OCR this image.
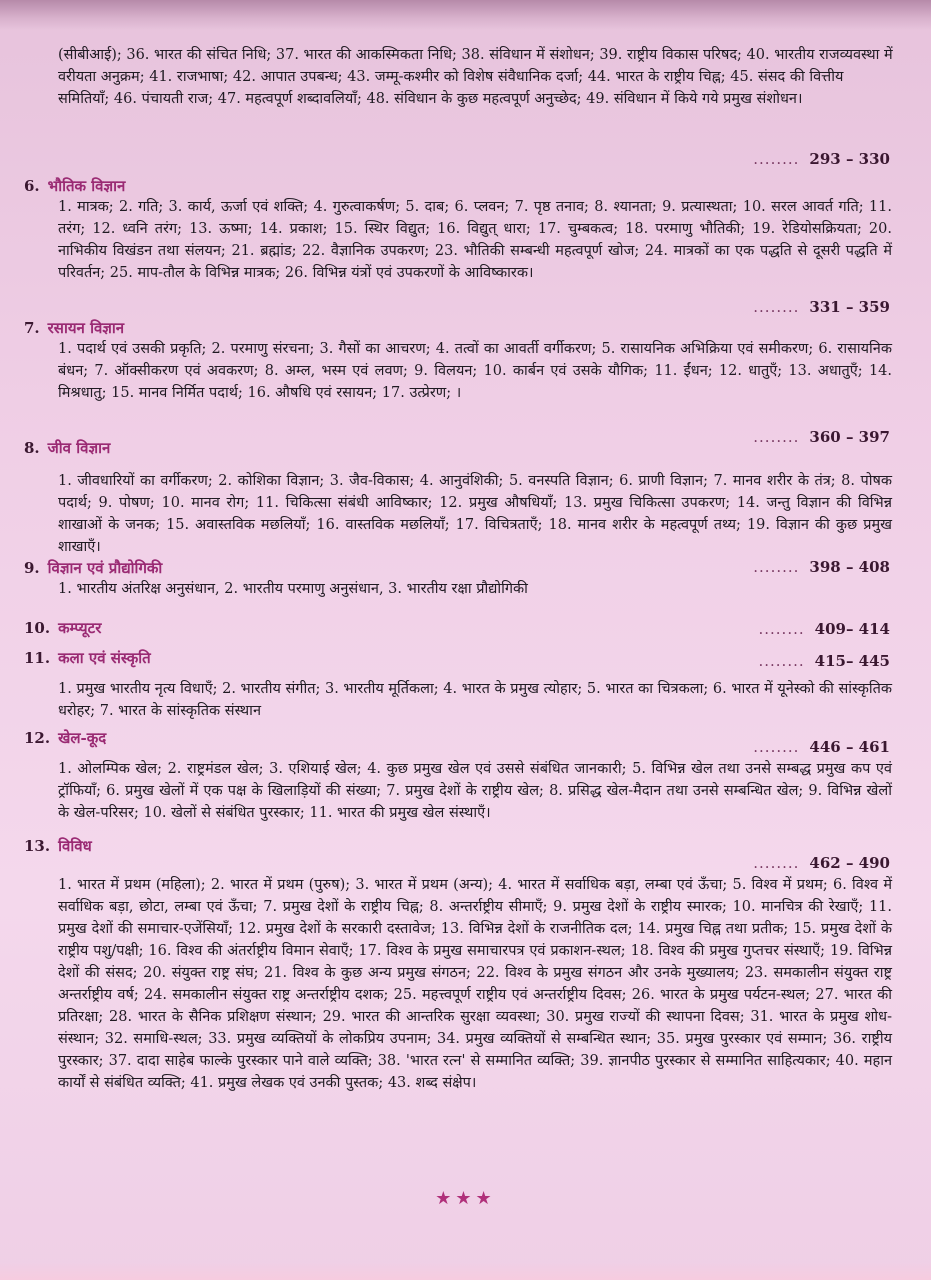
(सीबीआई); 36. भारत की संचित निधि; 37. भारत की आकस्मिकता निधि; 38. संविधान में संशोधन; 39. राष्ट्रीय विकास परिषद; 40. भारतीय राजव्यवस्था में वरीयता अनुक्रम; 41. राजभाषा; 42. आपात उपबन्ध; 43. जम्मू-कश्मीर को विशेष संवैधानिक दर्जा; 44. भारत के राष्ट्रीय चिह्न; 45. संसद की वित्तीय समितियाँ; 46. पंचायती राज; 47. महत्वपूर्ण शब्दावलियाँ; 48. संविधान के कुछ महत्वपूर्ण अनुच्छेद; 49. संविधान में किये गये प्रमुख संशोधन।
........ 293 – 330
6. भौतिक विज्ञान
1. मात्रक; 2. गति; 3. कार्य, ऊर्जा एवं शक्ति; 4. गुरुत्वाकर्षण; 5. दाब; 6. प्लवन; 7. पृष्ठ तनाव; 8. श्यानता; 9. प्रत्यास्थता; 10. सरल आवर्त गति; 11. तरंग; 12. ध्वनि तरंग; 13. ऊष्मा; 14. प्रकाश; 15. स्थिर विद्युत; 16. विद्युत् धारा; 17. चुम्बकत्व; 18. परमाणु भौतिकी; 19. रेडियोसक्रियता; 20. नाभिकीय विखंडन तथा संलयन; 21. ब्रह्मांड; 22. वैज्ञानिक उपकरण; 23. भौतिकी सम्बन्धी महत्वपूर्ण खोज; 24. मात्रकों का एक पद्धति से दूसरी पद्धति में परिवर्तन; 25. माप-तौल के विभिन्न मात्रक; 26. विभिन्न यंत्रों एवं उपकरणों के आविष्कारक।
........ 331 – 359
7. रसायन विज्ञान
1. पदार्थ एवं उसकी प्रकृति; 2. परमाणु संरचना; 3. गैसों का आचरण; 4. तत्वों का आवर्ती वर्गीकरण; 5. रासायनिक अभिक्रिया एवं समीकरण; 6. रासायनिक बंधन; 7. ऑक्सीकरण एवं अवकरण; 8. अम्ल, भस्म एवं लवण; 9. विलयन; 10. कार्बन एवं उसके यौगिक; 11. ईंधन; 12. धातुएँ; 13. अधातुएँ; 14. मिश्रधातु; 15. मानव निर्मित पदार्थ; 16. औषधि एवं रसायन; 17. उत्प्रेरण; ।
........ 360 – 397
8. जीव विज्ञान
1. जीवधारियों का वर्गीकरण; 2. कोशिका विज्ञान; 3. जैव-विकास; 4. आनुवंशिकी; 5. वनस्पति विज्ञान; 6. प्राणी विज्ञान; 7. मानव शरीर के तंत्र; 8. पोषक पदार्थ; 9. पोषण; 10. मानव रोग; 11. चिकित्सा संबंधी आविष्कार; 12. प्रमुख औषधियाँ; 13. प्रमुख चिकित्सा उपकरण; 14. जन्तु विज्ञान की विभिन्न शाखाओं के जनक; 15. अवास्तविक मछलियाँ; 16. वास्तविक मछलियाँ; 17. विचित्रताएँ; 18. मानव शरीर के महत्वपूर्ण तथ्य; 19. विज्ञान की कुछ प्रमुख शाखाएँ।
9. विज्ञान एवं प्रौद्योगिकी
1. भारतीय अंतरिक्ष अनुसंधान, 2. भारतीय परमाणु अनुसंधान, 3. भारतीय रक्षा प्रौद्योगिकी
........ 398 – 408
10. कम्प्यूटर	........ 409– 414
11. कला एवं संस्कृति
1. प्रमुख भारतीय नृत्य विधाएँ; 2. भारतीय संगीत; 3. भारतीय मूर्तिकला; 4. भारत के प्रमुख त्योहार; 5. भारत का चित्रकला; 6. भारत में यूनेस्को की सांस्कृतिक धरोहर; 7. भारत के सांस्कृतिक संस्थान
........ 415– 445
12. खेल-कूद
1. ओलम्पिक खेल; 2. राष्ट्रमंडल खेल; 3. एशियाई खेल; 4. कुछ प्रमुख खेल एवं उससे संबंधित जानकारी; 5. विभिन्न खेल तथा उनसे सम्बद्ध प्रमुख कप एवं ट्रॉफियाँ; 6. प्रमुख खेलों में एक पक्ष के खिलाड़ियों की संख्या; 7. प्रमुख देशों के राष्ट्रीय खेल; 8. प्रसिद्ध खेल-मैदान तथा उनसे सम्बन्धित खेल; 9. विभिन्न खेलों के खेल-परिसर; 10. खेलों से संबंधित पुरस्कार; 11. भारत की प्रमुख खेल संस्थाएँ।
........ 446 – 461
13. विविध
1. भारत में प्रथम (महिला); 2. भारत में प्रथम (पुरुष); 3. भारत में प्रथम (अन्य); 4. भारत में सर्वाधिक बड़ा, लम्बा एवं ऊँचा; 5. विश्व में प्रथम; 6. विश्व में सर्वाधिक बड़ा, छोटा, लम्बा एवं ऊँचा; 7. प्रमुख देशों के राष्ट्रीय चिह्न; 8. अन्तर्राष्ट्रीय सीमाएँ; 9. प्रमुख देशों के राष्ट्रीय स्मारक; 10. मानचित्र की रेखाएँ; 11. प्रमुख देशों की समाचार-एजेंसियाँ; 12. प्रमुख देशों के सरकारी दस्तावेज; 13. विभिन्न देशों के राजनीतिक दल; 14. प्रमुख चिह्न तथा प्रतीक; 15. प्रमुख देशों के राष्ट्रीय पशु/पक्षी; 16. विश्व की अंतर्राष्ट्रीय विमान सेवाएँ; 17. विश्व के प्रमुख समाचारपत्र एवं प्रकाशन-स्थल; 18. विश्व की प्रमुख गुप्तचर संस्थाएँ; 19. विभिन्न देशों की संसद; 20. संयुक्त राष्ट्र संघ; 21. विश्व के कुछ अन्य प्रमुख संगठन; 22. विश्व के प्रमुख संगठन और उनके मुख्यालय; 23. समकालीन संयुक्त राष्ट्र अन्तर्राष्ट्रीय वर्ष; 24. समकालीन संयुक्त राष्ट्र अन्तर्राष्ट्रीय दशक; 25. महत्त्वपूर्ण राष्ट्रीय एवं अन्तर्राष्ट्रीय दिवस; 26. भारत के प्रमुख पर्यटन-स्थल; 27. भारत की प्रतिरक्षा; 28. भारत के सैनिक प्रशिक्षण संस्थान; 29. भारत की आन्तरिक सुरक्षा व्यवस्था; 30. प्रमुख राज्यों की स्थापना दिवस; 31. भारत के प्रमुख शोध-संस्थान; 32. समाधि-स्थल; 33. प्रमुख व्यक्तियों के लोकप्रिय उपनाम; 34. प्रमुख व्यक्तियों से सम्बन्धित स्थान; 35. प्रमुख पुरस्कार एवं सम्मान; 36. राष्ट्रीय पुरस्कार; 37. दादा साहेब फाल्के पुरस्कार पाने वाले व्यक्ति; 38. 'भारत रत्न' से सम्मानित व्यक्ति; 39. ज्ञानपीठ पुरस्कार से सम्मानित साहित्यकार; 40. महान कार्यों से संबंधित व्यक्ति; 41. प्रमुख लेखक एवं उनकी पुस्तक; 43. शब्द संक्षेप।
........ 462 – 490
★★★
